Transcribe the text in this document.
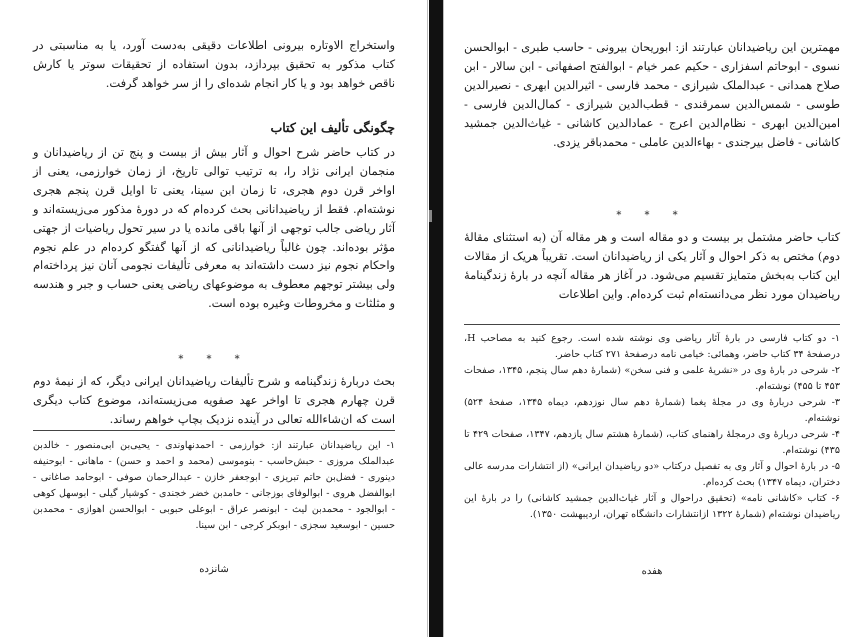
واستخراج الاوتاره بیرونی اطلاعات دقیقی به‌دست آورد، یا به مناسبتی در کتاب مذکور به تحقیق بپردازد، بدون استفاده از تحقیقات سوتر یا کارش ناقص خواهد بود و یا کار انجام شده‌ای را از سر خواهد گرفت.
چگونگی تألیف این کتاب
در کتاب حاضر شرح احوال و آثار بیش از بیست و پنج تن از ریاضیدانان و منجمان ایرانی نژاد را، به ترتیب توالی تاریخ، از زمان خوارزمی، یعنی از اواخر قرن دوم هجری، تا زمان ابن سینا، یعنی تا اوایل قرن پنجم هجری نوشته‌ام. فقط از ریاضیدانانی بحث کرده‌ام که در دورهٔ مذکور می‌زیسته‌اند و آثار ریاضی جالب توجهی از آنها باقی مانده یا در سیر تحول ریاضیات از جهتی مؤثر بوده‌اند. چون غالباً ریاضیدانانی که از آنها گفتگو کرده‌ام در علم نجوم واحکام نجوم نیز دست داشته‌اند به معرفی تألیفات نجومی آنان نیز پرداخته‌ام ولی بیشتر توجهم معطوف به موضوعهای ریاضی یعنی حساب و جبر و هندسه و مثلثات و مخروطات وغیره بوده است.
* * *
بحث دربارهٔ زندگینامه و شرح تألیفات ریاضیدانان ایرانی دیگر، که از نیمهٔ دوم قرن چهارم هجری تا اواخر عهد صفویه می‌زیسته‌اند، موضوع کتاب دیگری است که ان‌شاءالله تعالی در آینده نزدیک بچاپ خواهم رساند.
۱- این ریاضیدانان عبارتند از: خوارزمی - احمدنهاوندی - یحیی‌بن ابی‌منصور - خالدبن عبدالملک مروزی - حبش‌حاسب - بنوموسی (محمد و احمد و حسن) - ماهانی - ابوحنیفه دینوری - فضل‌بن حاتم تبریزی - ابوجعفر خازن - عبدالرحمان صوفی - ابوحامد صاغانی - ابوالفضل هروی - ابوالوفای بوزجانی - حامدبن خضر خجندی - کوشیار گیلی - ابوسهل کوهی - ابوالجود - محمدبن لیث - ابونصر عراق - ابوعلی حبوبی - ابوالحسن اهوازی - محمدبن حسین - ابوسعید سجزی - ابوبکر کرجی - ابن سینا.
شانزده
مهمترین این ریاضیدانان عبارتند از: ابوریحان بیرونی - حاسب طبری - ابوالحسن نسوی - ابوحاتم اسفزاری - حکیم عمر خیام - ابوالفتح اصفهانی - ابن سالار - ابن صلاح همدانی - عبدالملک شیرازی - محمد فارسی - اثیرالدین ابهری - نصیرالدین طوسی - شمس‌الدین سمرقندی - قطب‌الدین شیرازی - کمال‌الدین فارسی - امین‌الدین ابهری - نظام‌الدین اعرج - عمادالدین کاشانی - غیاث‌الدین جمشید کاشانی - فاضل بیرجندی - بهاءالدین عاملی - محمدباقر یزدی.
* * *
کتاب حاضر مشتمل بر بیست و دو مقاله است و هر مقاله آن (به استثنای مقالهٔ دوم) مختص به ذکر احوال و آثار یکی از ریاضیدانان است. تقریباً هریک از مقالات این کتاب به‌بخش متمایز تقسیم می‌شود. در آغاز هر مقاله آنچه در بارهٔ زندگینامهٔ ریاضیدان مورد نظر می‌دانسته‌ام ثبت کرده‌ام. واین اطلاعات

۱- دو کتاب فارسی در بارهٔ آثار ریاضی وی نوشته شده است. رجوع کنید به مصاحب H، درصفحهٔ ۳۴ کتاب حاضر، وهمائی: خیامی نامه درصفحهٔ ۲۷۱ کتاب حاضر.

۲- شرحی در بارهٔ وی در «نشریهٔ علمی و فنی سخن» (شمارهٔ دهم سال پنجم، ۱۳۴۵، صفحات ۴۵۳ تا ۴۵۵) نوشته‌ام.

۳- شرحی دربارهٔ وی در مجلهٔ یغما (شمارهٔ دهم سال نوزدهم، دیماه ۱۳۴۵، صفحهٔ ۵۲۴) نوشته‌ام.

۴- شرحی دربارهٔ وی درمجلهٔ راهنمای کتاب، (شمارهٔ هشتم سال یازدهم، ۱۳۴۷، صفحات ۴۲۹ تا ۴۳۵) نوشته‌ام.

۵- در بارهٔ احوال و آثار وی به تفصیل درکتاب «دو ریاضیدان ایرانی» (از انتشارات مدرسه عالی دختران، دیماه ۱۳۴۷) بحث کرده‌ام.

۶- کتاب «کاشانی نامه» (تحقیق دراحوال و آثار غیاث‌الدین جمشید کاشانی) را در بارهٔ این ریاضیدان نوشته‌ام (شمارهٔ ۱۳۲۲ ازانتشارات دانشگاه تهران، اردیبهشت ۱۳۵۰).

هفده
